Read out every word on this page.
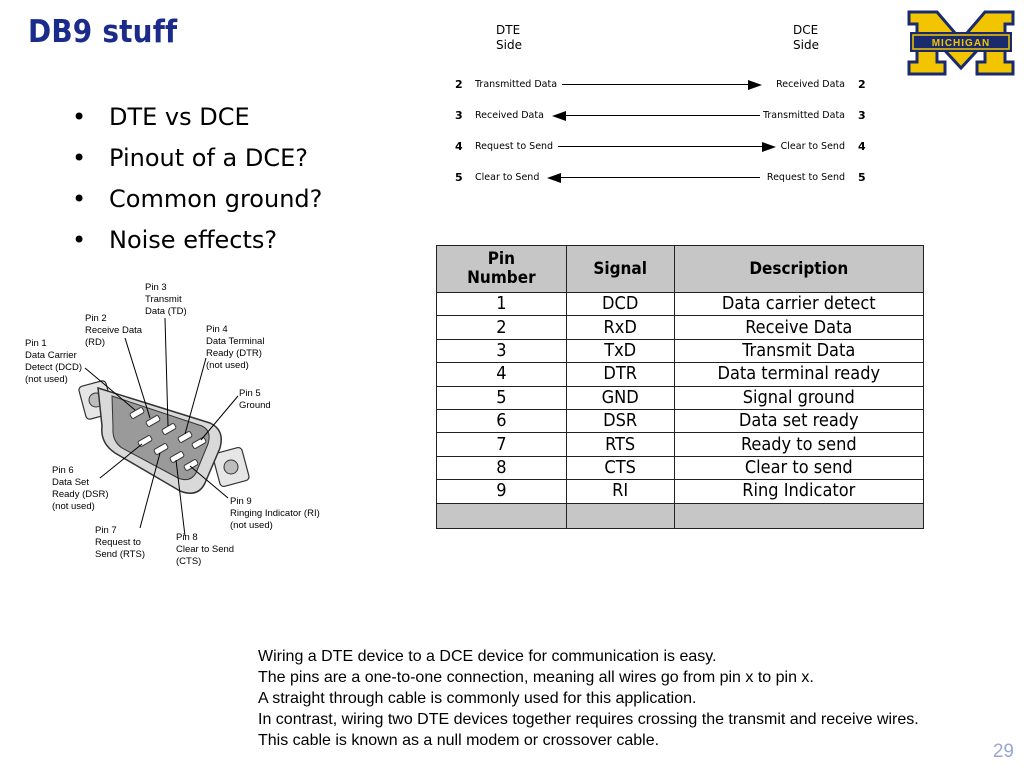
DB9 stuff
• DTE vs DCE
• Pinout of a DCE?
• Common ground?
• Noise effects?
MICHIGAN
DTE
Side
DCE
Side
2 Transmitted Data	Received Data 2
3 Received Data	Transmitted Data 3
4 Request to Send	Clear to Send 4
5 Clear to Send	Request to Send 5
Pin
Number	Signal	Description
1	DCD	Data carrier detect
2	RxD	Receive Data
3	TxD	Transmit Data
4	DTR	Data terminal ready
5	GND	Signal ground
6	DSR	Data set ready
7	RTS	Ready to send
8	CTS	Clear to send
9	RI	Ring Indicator

Pin 1
Data Carrier
Detect (DCD)
(not used)
Pin 2
Receive Data
(RD)
Pin 3
Transmit
Data (TD)
Pin 4
Data Terminal
Ready (DTR)
(not used)
Pin 5
Ground
Pin 6
Data Set
Ready (DSR)
(not used)
Pin 7
Request to
Send (RTS)
Pin 8
Clear to Send
(CTS)
Pin 9
Ringing Indicator (RI)
(not used)
Wiring a DTE device to a DCE device for communication is easy.
The pins are a one-to-one connection, meaning all wires go from pin x to pin x.
A straight through cable is commonly used for this application.
In contrast, wiring two DTE devices together requires crossing the transmit and receive wires.
This cable is known as a null modem or crossover cable.
29
